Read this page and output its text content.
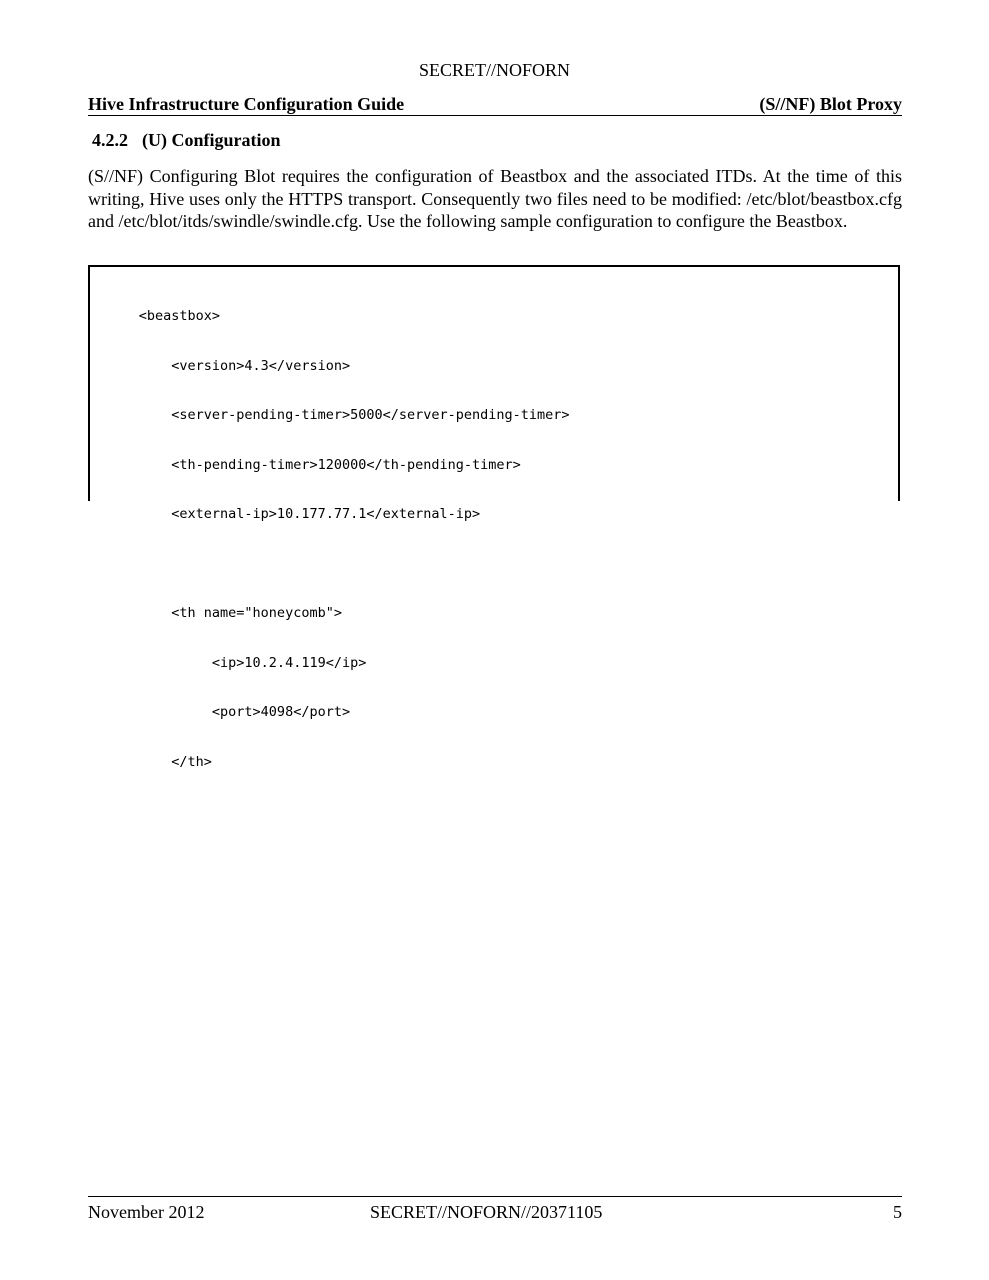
SECRET//NOFORN
Hive Infrastructure Configuration Guide	(S//NF) Blot Proxy
4.2.2 (U) Configuration
(S//NF) Configuring Blot requires the configuration of Beastbox and the associated ITDs. At the time of this writing, Hive uses only the HTTPS transport. Consequently two files need to be modified: /etc/blot/beastbox.cfg and /etc/blot/itds/swindle/swindle.cfg. Use the following sample configuration to configure the Beastbox.

<beastbox>

<version>4.3</version>

<server-pending-timer>5000</server-pending-timer>

<th-pending-timer>120000</th-pending-timer>

<external-ip>10.177.77.1</external-ip>

<th name="honeycomb">

<ip>10.2.4.119</ip>

<port>4098</port>

</th>

November 2012	SECRET//NOFORN//20371105	5
